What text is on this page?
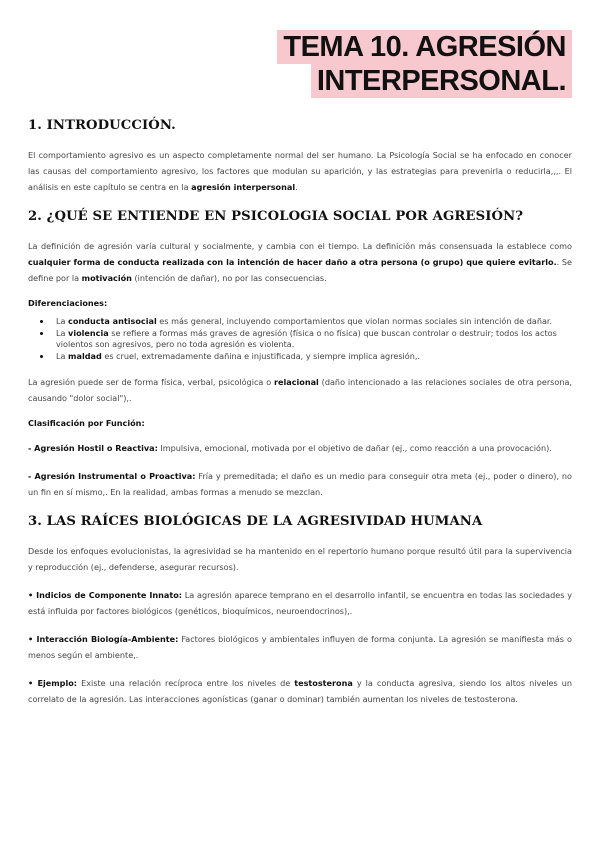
TEMA 10. AGRESIÓN
INTERPERSONAL.
1. INTRODUCCIÓN.

El comportamiento agresivo es un aspecto completamente normal del ser humano. La Psicología Social se ha enfocado en conocer las causas del comportamiento agresivo, los factores que modulan su aparición, y las estrategias para prevenirla o reducirla,,,. El análisis en este capítulo se centra en la agresión interpersonal.

2. ¿QUÉ SE ENTIENDE EN PSICOLOGIA SOCIAL POR AGRESIÓN?

La definición de agresión varía cultural y socialmente, y cambia con el tiempo. La definición más consensuada la establece como cualquier forma de conducta realizada con la intención de hacer daño a otra persona (o grupo) que quiere evitarlo.. Se define por la motivación (intención de dañar), no por las consecuencias.

Diferenciaciones:
• La conducta antisocial es más general, incluyendo comportamientos que violan normas sociales sin intención de dañar.
• La violencia se refiere a formas más graves de agresión (física o no física) que buscan controlar o destruir; todos los actos violentos son agresivos, pero no toda agresión es violenta.
• La maldad es cruel, extremadamente dañina e injustificada, y siempre implica agresión,.

La agresión puede ser de forma física, verbal, psicológica o relacional (daño intencionado a las relaciones sociales de otra persona, causando "dolor social"),.

Clasificación por Función:

- Agresión Hostil o Reactiva: Impulsiva, emocional, motivada por el objetivo de dañar (ej., como reacción a una provocación).

- Agresión Instrumental o Proactiva: Fría y premeditada; el daño es un medio para conseguir otra meta (ej., poder o dinero), no un fin en sí mismo,. En la realidad, ambas formas a menudo se mezclan.

3. LAS RAÍCES BIOLÓGICAS DE LA AGRESIVIDAD HUMANA

Desde los enfoques evolucionistas, la agresividad se ha mantenido en el repertorio humano porque resultó útil para la supervivencia y reproducción (ej., defenderse, asegurar recursos).

• Indicios de Componente Innato: La agresión aparece temprano en el desarrollo infantil, se encuentra en todas las sociedades y está influida por factores biológicos (genéticos, bioquímicos, neuroendocrinos),.

• Interacción Biología-Ambiente: Factores biológicos y ambientales influyen de forma conjunta. La agresión se manifiesta más o menos según el ambiente,.

• Ejemplo: Existe una relación recíproca entre los niveles de testosterona y la conducta agresiva, siendo los altos niveles un correlato de la agresión. Las interacciones agonísticas (ganar o dominar) también aumentan los niveles de testosterona.
